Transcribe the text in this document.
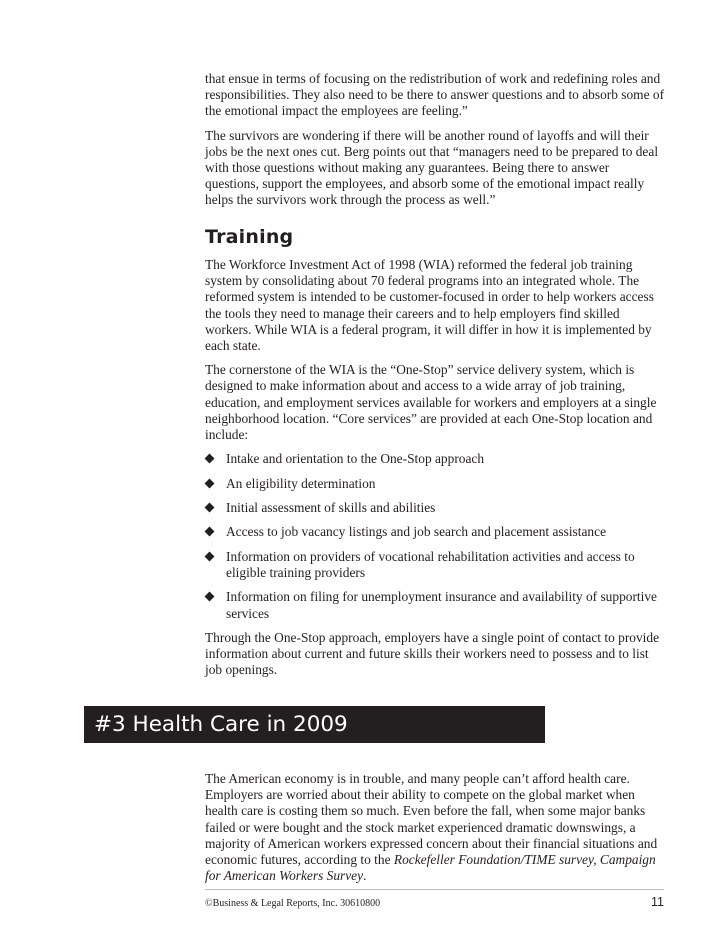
that ensue in terms of focusing on the redistribution of work and redefining roles and responsibilities. They also need to be there to answer questions and to absorb some of the emotional impact the employees are feeling.”

The survivors are wondering if there will be another round of layoffs and will their jobs be the next ones cut. Berg points out that “managers need to be prepared to deal with those questions without making any guarantees. Being there to answer questions, support the employees, and absorb some of the emotional impact really helps the survivors work through the process as well.”

Training

The Workforce Investment Act of 1998 (WIA) reformed the federal job training system by consolidating about 70 federal programs into an integrated whole. The reformed system is intended to be customer-focused in order to help workers access the tools they need to manage their careers and to help employers find skilled workers. While WIA is a federal program, it will differ in how it is implemented by each state.

The cornerstone of the WIA is the “One-Stop” service delivery system, which is designed to make information about and access to a wide array of job training, education, and employment services available for workers and employers at a single neighborhood location. “Core services” are provided at each One-Stop location and include:

Intake and orientation to the One-Stop approach
An eligibility determination
Initial assessment of skills and abilities
Access to job vacancy listings and job search and placement assistance
Information on providers of vocational rehabilitation activities and access to eligible training providers
Information on filing for unemployment insurance and availability of supportive services

Through the One-Stop approach, employers have a single point of contact to provide information about current and future skills their workers need to possess and to list job openings.

#3 Health Care in 2009

The American economy is in trouble, and many people can’t afford health care. Employers are worried about their ability to compete on the global market when health care is costing them so much. Even before the fall, when some major banks failed or were bought and the stock market experienced dramatic downswings, a majority of American workers expressed concern about their financial situations and economic futures, according to the Rockefeller Foundation/TIME survey, Campaign for American Workers Survey.

©Business & Legal Reports, Inc. 30610800	11
